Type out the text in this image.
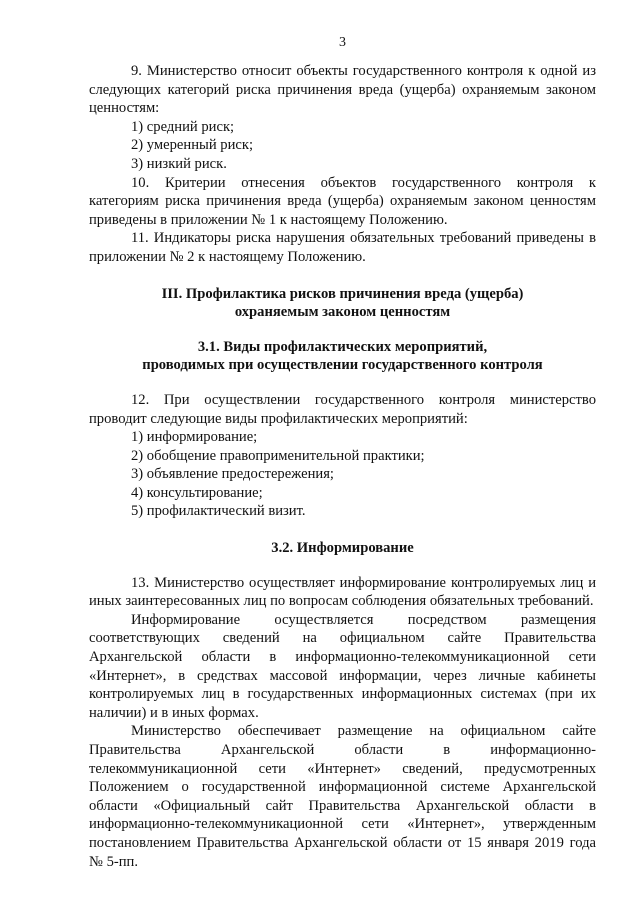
3

9. Министерство относит объекты государственного контроля к одной из следующих категорий риска причинения вреда (ущерба) охраняемым законом ценностям:

1) средний риск;

2) умеренный риск;

3) низкий риск.

10. Критерии отнесения объектов государственного контроля к категориям риска причинения вреда (ущерба) охраняемым законом ценностям приведены в приложении № 1 к настоящему Положению.

11. Индикаторы риска нарушения обязательных требований приведены в приложении № 2 к настоящему Положению.

III. Профилактика рисков причинения вреда (ущерба)
охраняемым законом ценностям
3.1. Виды профилактических мероприятий,
проводимых при осуществлении государственного контроля

12. При осуществлении государственного контроля министерство проводит следующие виды профилактических мероприятий:

1) информирование;

2) обобщение правоприменительной практики;

3) объявление предостережения;

4) консультирование;

5) профилактический визит.

3.2. Информирование

13. Министерство осуществляет информирование контролируемых лиц и иных заинтересованных лиц по вопросам соблюдения обязательных требований.

Информирование осуществляется посредством размещения соответствующих сведений на официальном сайте Правительства Архангельской области в информационно-телекоммуникационной сети «Интернет», в средствах массовой информации, через личные кабинеты контролируемых лиц в государственных информационных системах (при их наличии) и в иных формах.

Министерство обеспечивает размещение на официальном сайте Правительства Архангельской области в информационно-телекоммуникационной сети «Интернет» сведений, предусмотренных Положением о государственной информационной системе Архангельской области «Официальный сайт Правительства Архангельской области в информационно-телекоммуникационной сети «Интернет», утвержденным постановлением Правительства Архангельской области от 15 января 2019 года № 5-пп.
